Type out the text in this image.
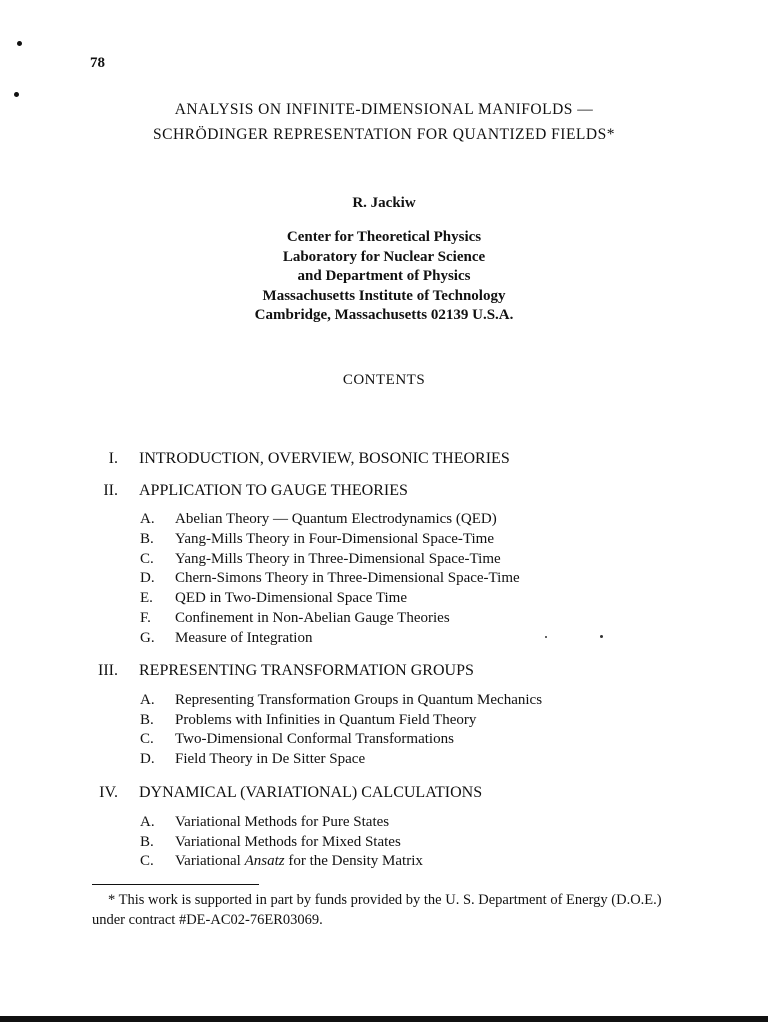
78
ANALYSIS ON INFINITE-DIMENSIONAL MANIFOLDS —
SCHRÖDINGER REPRESENTATION FOR QUANTIZED FIELDS*
R. Jackiw
Center for Theoretical Physics
Laboratory for Nuclear Science
and Department of Physics
Massachusetts Institute of Technology
Cambridge, Massachusetts 02139 U.S.A.
CONTENTS
I. INTRODUCTION, OVERVIEW, BOSONIC THEORIES
II. APPLICATION TO GAUGE THEORIES
A. Abelian Theory — Quantum Electrodynamics (QED)
B. Yang-Mills Theory in Four-Dimensional Space-Time
C. Yang-Mills Theory in Three-Dimensional Space-Time
D. Chern-Simons Theory in Three-Dimensional Space-Time
E. QED in Two-Dimensional Space Time
F. Confinement in Non-Abelian Gauge Theories
G. Measure of Integration
III. REPRESENTING TRANSFORMATION GROUPS
A. Representing Transformation Groups in Quantum Mechanics
B. Problems with Infinities in Quantum Field Theory
C. Two-Dimensional Conformal Transformations
D. Field Theory in De Sitter Space
IV. DYNAMICAL (VARIATIONAL) CALCULATIONS
A. Variational Methods for Pure States
B. Variational Methods for Mixed States
C. Variational Ansatz for the Density Matrix
* This work is supported in part by funds provided by the U. S. Department of Energy (D.O.E.) under contract #DE-AC02-76ER03069.
